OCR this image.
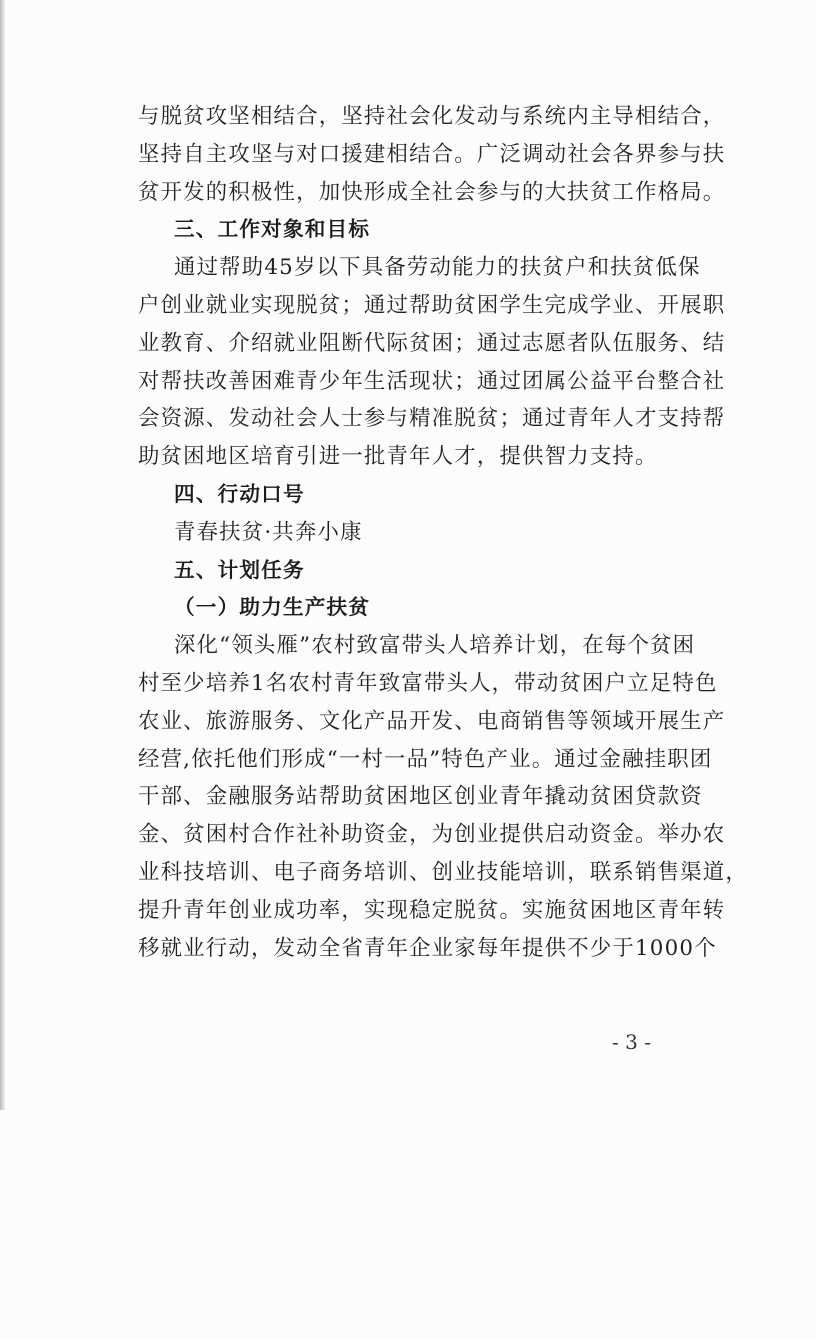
与脱贫攻坚相结合，坚持社会化发动与系统内主导相结合，
坚持自主攻坚与对口援建相结合。广泛调动社会各界参与扶
贫开发的积极性，加快形成全社会参与的大扶贫工作格局。
三、工作对象和目标
通过帮助45岁以下具备劳动能力的扶贫户和扶贫低保
户创业就业实现脱贫；通过帮助贫困学生完成学业、开展职
业教育、介绍就业阻断代际贫困；通过志愿者队伍服务、结
对帮扶改善困难青少年生活现状；通过团属公益平台整合社
会资源、发动社会人士参与精准脱贫；通过青年人才支持帮
助贫困地区培育引进一批青年人才，提供智力支持。
四、行动口号
青春扶贫·共奔小康
五、计划任务
（一）助力生产扶贫
深化“领头雁”农村致富带头人培养计划，在每个贫困
村至少培养1名农村青年致富带头人，带动贫困户立足特色
农业、旅游服务、文化产品开发、电商销售等领域开展生产
经营,依托他们形成“一村一品”特色产业。通过金融挂职团
干部、金融服务站帮助贫困地区创业青年撬动贫困贷款资
金、贫困村合作社补助资金，为创业提供启动资金。举办农
业科技培训、电子商务培训、创业技能培训，联系销售渠道，
提升青年创业成功率，实现稳定脱贫。实施贫困地区青年转
移就业行动，发动全省青年企业家每年提供不少于1000个
- 3 -
